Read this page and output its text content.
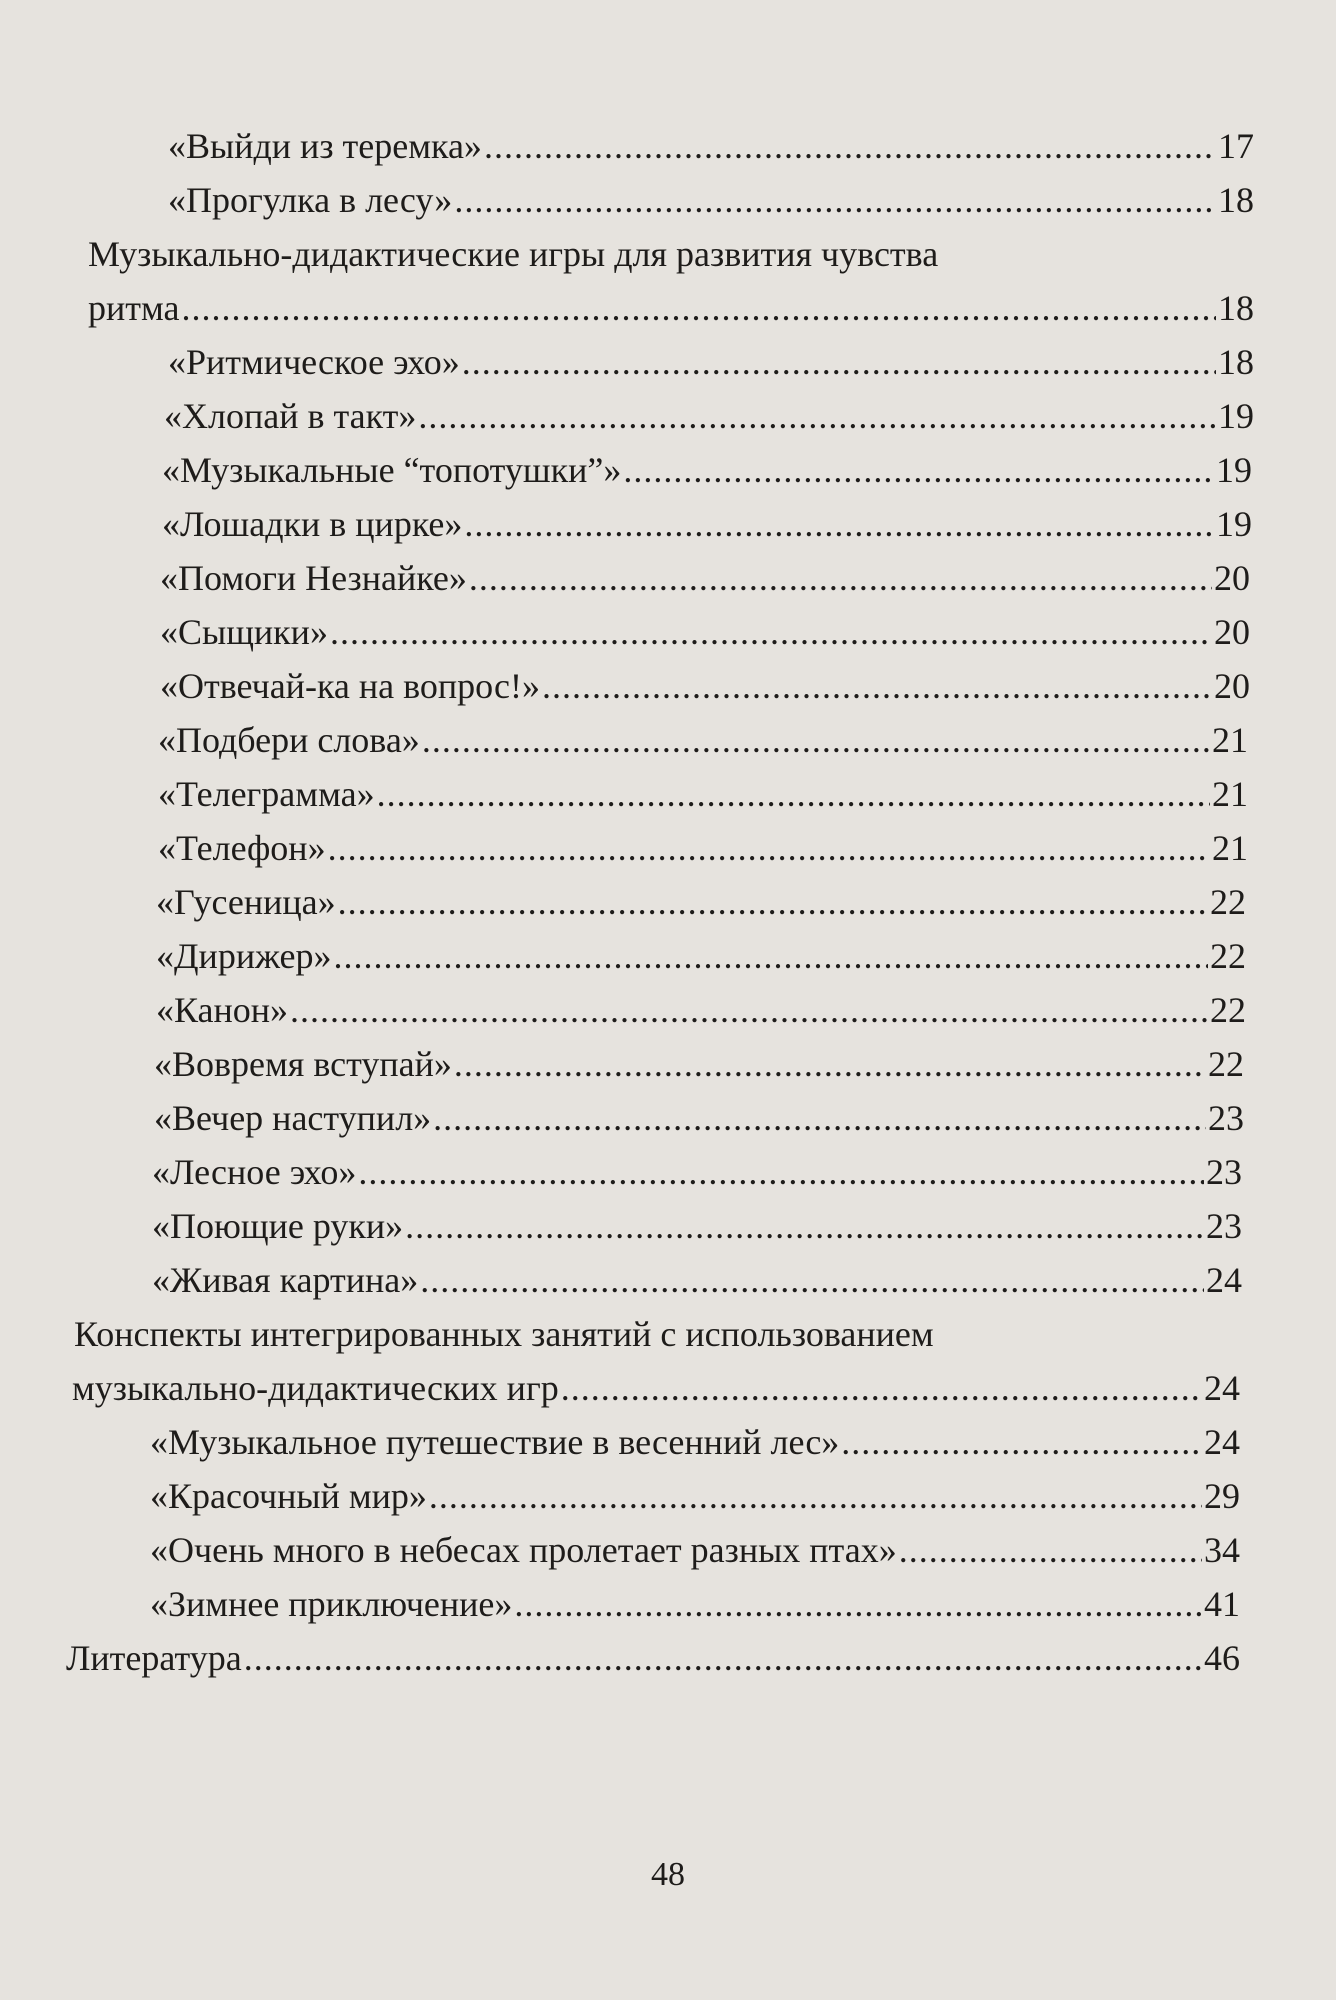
«Выйди из теремка» .....	17
«Прогулка в лесу» .....	18
Музыкально-дидактические игры для развития чувства
ритма .....	18
«Ритмическое эхо» .....	18
«Хлопай в такт» .....	19
«Музыкальные “топотушки”» .....	19
«Лошадки в цирке» .....	19
«Помоги Незнайке» .....	20
«Сыщики» .....	20
«Отвечай-ка на вопрос!» .....	20
«Подбери слова» .....	21
«Телеграмма» .....	21
«Телефон» .....	21
«Гусеница» .....	22
«Дирижер» .....	22
«Канон» .....	22
«Вовремя вступай» .....	22
«Вечер наступил» .....	23
«Лесное эхо» .....	23
«Поющие руки» .....	23
«Живая картина» .....	24
Конспекты интегрированных занятий с использованием
музыкально-дидактических игр .....	24
«Музыкальное путешествие в весенний лес» .....	24
«Красочный мир» .....	29
«Очень много в небесах пролетает разных птах» .....	34
«Зимнее приключение» .....	41
Литература .....	46
48
